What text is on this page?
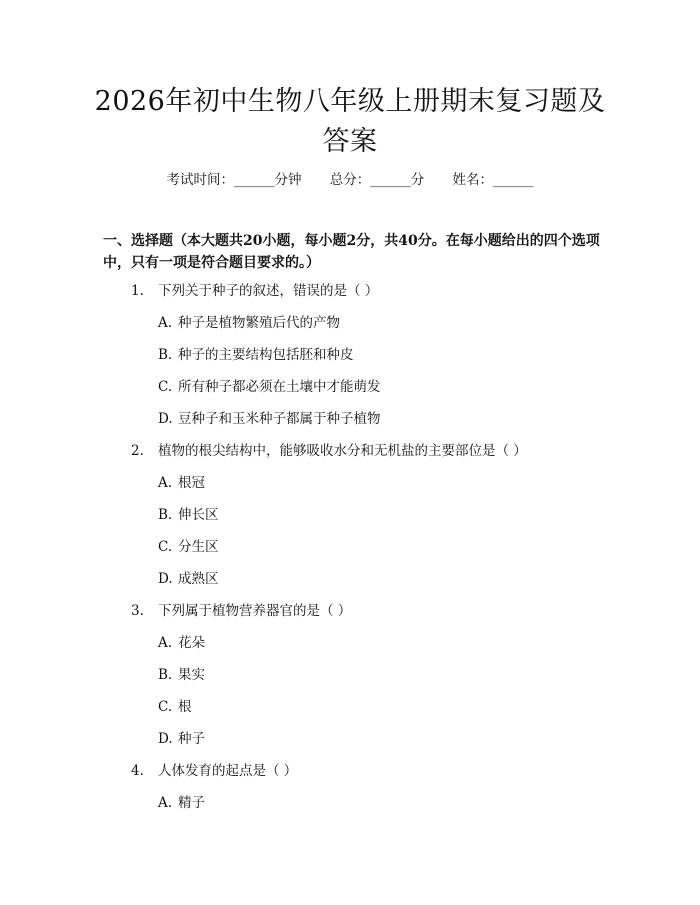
2026年初中生物八年级上册期末复习题及答案
考试时间：______分钟 总分：______分 姓名：______

一、选择题（本大题共20小题，每小题2分，共40分。在每小题给出的四个选项中，只有一项是符合题目要求的。）

1. 下列关于种子的叙述，错误的是（ ）
A. 种子是植物繁殖后代的产物
B. 种子的主要结构包括胚和种皮
C. 所有种子都必须在土壤中才能萌发
D. 豆种子和玉米种子都属于种子植物
2. 植物的根尖结构中，能够吸收水分和无机盐的主要部位是（ ）
A. 根冠
B. 伸长区
C. 分生区
D. 成熟区
3. 下列属于植物营养器官的是（ ）
A. 花朵
B. 果实
C. 根
D. 种子
4. 人体发育的起点是（ ）
A. 精子
